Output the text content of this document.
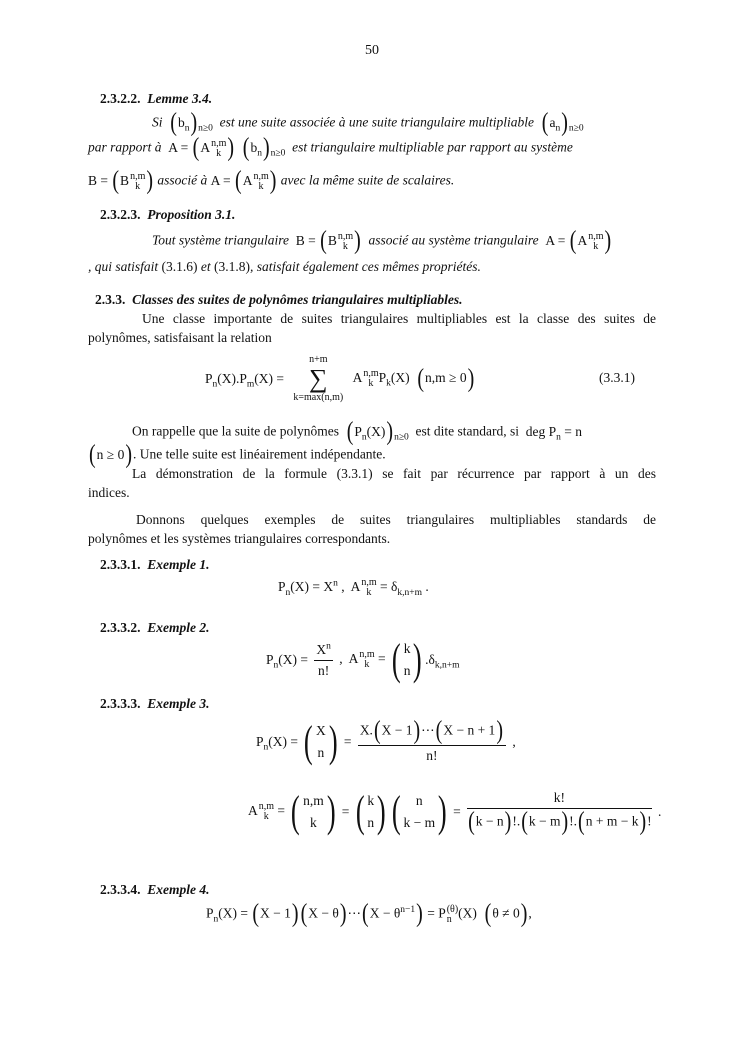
50
2.3.2.2. Lemme 3.4.
Si $(b_n)_{n\ge 0}$ est une suite associée à une suite triangulaire multipliable $(a_n)_{n\ge 0}$
par rapport à A = (An,m
k ) $(b_n)_{n\ge 0}$ est triangulaire multipliable par rapport au système
B = (Bn,m
k ) associé à A = (An,m
k ) avec la même suite de scalaires.
2.3.2.3. Proposition 3.1.
Tout système triangulaire B = (Bn,m
k ) associé au système triangulaire A = (An,m
k )
, qui satisfait (3.1.6) et (3.1.8), satisfait également ces mêmes propriétés.
2.3.3. Classes des suites de polynômes triangulaires multipliables.
Une classe importante de suites triangulaires multipliables est la classe des suites de
polynômes, satisfaisant la relation
$P_n(X).P_m(X)$ =
n+m
∑
k=max(n,m)
An,m
k $P_k(X) (n,m \ge 0)$	(3.3.1)
On rappelle que la suite de polynômes $(P_n(X))_{n\ge 0}$ est dite standard, si deg $P_n = n$
(n ≥ 0). Une telle suite est linéairement indépendante.
La démonstration de la formule (3.3.1) se fait par récurrence par rapport à un des
indices.
Donnons quelques exemples de suites triangulaires multipliables standards de
polynômes et les systèmes triangulaires correspondants.
2.3.3.1. Exemple 1.
$P_n(X) = X^n$ ,  An,m
$k = \delta_{k,n+m}$ .
2.3.3.2. Exemple 2.
$P_n(X) = \frac{X^n}{n!}$ ,  An,m
k = ( k
n) $.\delta_{k,n+m}$
2.3.3.3. Exemple 3.
$P_n(X)$ = ( X
n ) = $\frac{X.(X - 1)\cdots(X - n + 1)}{n!}$ ,
An,m
k = ( n,m
k ) = ( k
n) ( n
$k - m) = \frac{k!}{(k - n)!.(k - m)!.(n + m - k)!}$ .
2.3.3.4. Exemple 4.
$P_n(X) = (X - 1) (X$ − θ)⋯(X − $\theta^{n-1}) = P(\theta)$
n (X)  (θ ≠ 0),
